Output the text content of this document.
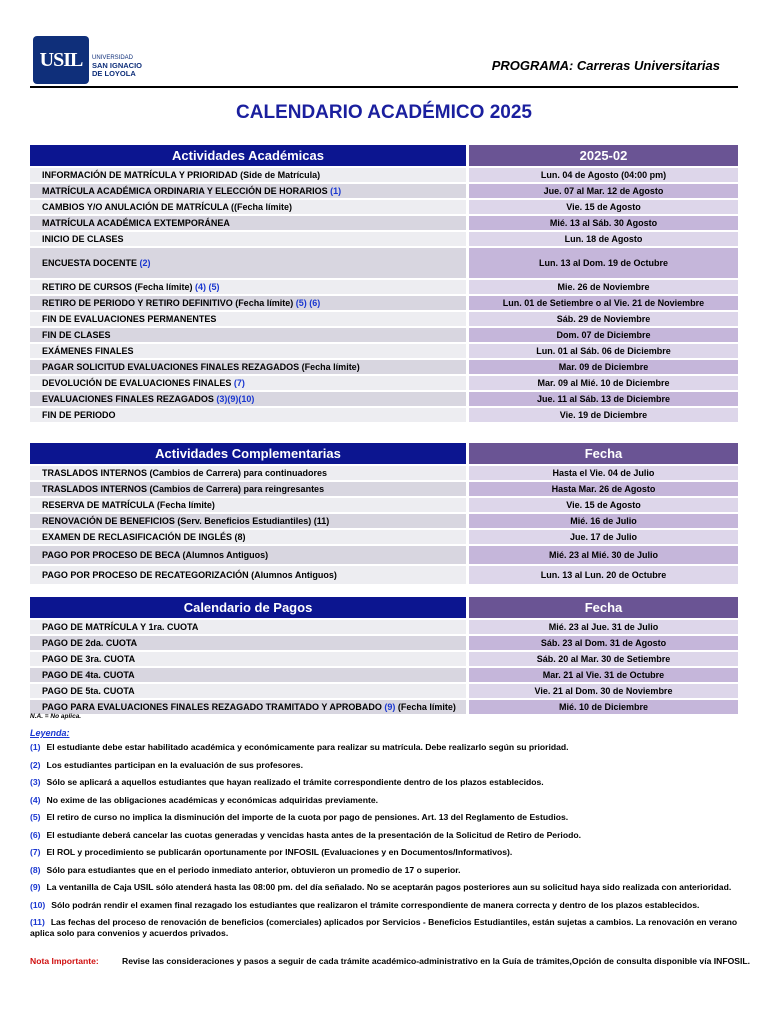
USIL	UNIVERSIDAD
SAN IGNACIO
DE LOYOLA
PROGRAMA: Carreras Universitarias
CALENDARIO ACADÉMICO 2025
Actividades Académicas	2025-02
INFORMACIÓN DE MATRÍCULA Y PRIORIDAD (Side de Matrícula)	Lun. 04 de Agosto (04:00 pm)
MATRÍCULA ACADÉMICA ORDINARIA Y ELECCIÓN DE HORARIOS (1)	Jue. 07 al Mar. 12 de Agosto
CAMBIOS Y/O ANULACIÓN DE MATRÍCULA ((Fecha límite)	Vie. 15 de Agosto
MATRÍCULA ACADÉMICA EXTEMPORÁNEA	Mié. 13 al Sáb. 30 Agosto
INICIO DE CLASES	Lun. 18 de Agosto
ENCUESTA DOCENTE (2)	Lun. 13 al Dom. 19 de Octubre
RETIRO DE CURSOS (Fecha límite) (4) (5)	Mie. 26 de Noviembre
RETIRO DE PERIODO Y RETIRO DEFINITIVO (Fecha límite) (5) (6)	Lun. 01 de Setiembre o al Vie. 21 de Noviembre
FIN DE EVALUACIONES PERMANENTES	Sáb. 29 de Noviembre
FIN DE CLASES	Dom. 07 de Diciembre
EXÁMENES FINALES	Lun. 01 al Sáb. 06 de Diciembre
PAGAR SOLICITUD EVALUACIONES FINALES REZAGADOS (Fecha límite)	Mar. 09 de Diciembre
DEVOLUCIÓN DE EVALUACIONES FINALES (7)	Mar. 09 al Mié. 10 de Diciembre
EVALUACIONES FINALES REZAGADOS (3)(9)(10)	Jue. 11 al Sáb. 13 de Diciembre
FIN DE PERIODO	Vie. 19 de Diciembre
Actividades Complementarias	Fecha
TRASLADOS INTERNOS (Cambios de Carrera) para continuadores	Hasta el Vie. 04 de Julio
TRASLADOS INTERNOS (Cambios de Carrera) para reingresantes	Hasta Mar. 26 de Agosto
RESERVA DE MATRÍCULA (Fecha límite)	Vie. 15 de Agosto
RENOVACIÓN DE BENEFICIOS (Serv. Beneficios Estudiantiles) (11)	Mié. 16 de Julio
EXAMEN DE RECLASIFICACIÓN DE INGLÉS (8)	Jue. 17 de Julio
PAGO POR PROCESO DE BECA (Alumnos Antiguos)	Mié. 23 al Mié. 30 de Julio
PAGO POR PROCESO DE RECATEGORIZACIÓN (Alumnos Antiguos)	Lun. 13 al Lun. 20 de Octubre
Calendario de Pagos	Fecha
PAGO DE MATRÍCULA Y 1ra. CUOTA	Mié. 23 al Jue. 31 de Julio
PAGO DE 2da. CUOTA	Sáb. 23 al Dom. 31 de Agosto
PAGO DE 3ra. CUOTA	Sáb. 20 al Mar. 30 de Setiembre
PAGO DE 4ta. CUOTA	Mar. 21 al Vie. 31 de Octubre
PAGO DE 5ta. CUOTA	Vie. 21 al Dom. 30 de Noviembre
PAGO PARA EVALUACIONES FINALES REZAGADO TRAMITADO Y APROBADO (9) (Fecha límite)	Mié. 10 de Diciembre
N.A. = No aplica.
Leyenda:
(1) El estudiante debe estar habilitado académica y económicamente para realizar su matrícula. Debe realizarlo según su prioridad.
(2) Los estudiantes participan en la evaluación de sus profesores.
(3) Sólo se aplicará a aquellos estudiantes que hayan realizado el trámite correspondiente dentro de los plazos establecidos.
(4) No exime de las obligaciones académicas y económicas adquiridas previamente.
(5) El retiro de curso no implica la disminución del importe de la cuota por pago de pensiones. Art. 13 del Reglamento de Estudios.
(6) El estudiante deberá cancelar las cuotas generadas y vencidas hasta antes de la presentación de la Solicitud de Retiro de Periodo.
(7) El ROL y procedimiento se publicarán oportunamente por INFOSIL (Evaluaciones y en Documentos/Informativos).
(8) Sólo para estudiantes que en el periodo inmediato anterior, obtuvieron un promedio de 17 o superior.
(9) La ventanilla de Caja USIL sólo atenderá hasta las 08:00 pm. del día señalado. No se aceptarán pagos posteriores aun su solicitud haya sido realizada con anterioridad.
(10) Sólo podrán rendir el examen final rezagado los estudiantes que realizaron el trámite correspondiente de manera correcta y dentro de los plazos establecidos.
(11) Las fechas del proceso de renovación de beneficios (comerciales) aplicados por Servicios - Beneficios Estudiantiles, están sujetas a cambios. La renovación en verano aplica solo para convenios y acuerdos privados.
Nota Importante:	Revise las consideraciones y pasos a seguir de cada trámite académico-administrativo en la Guía de trámites,Opción de consulta disponible vía INFOSIL.
